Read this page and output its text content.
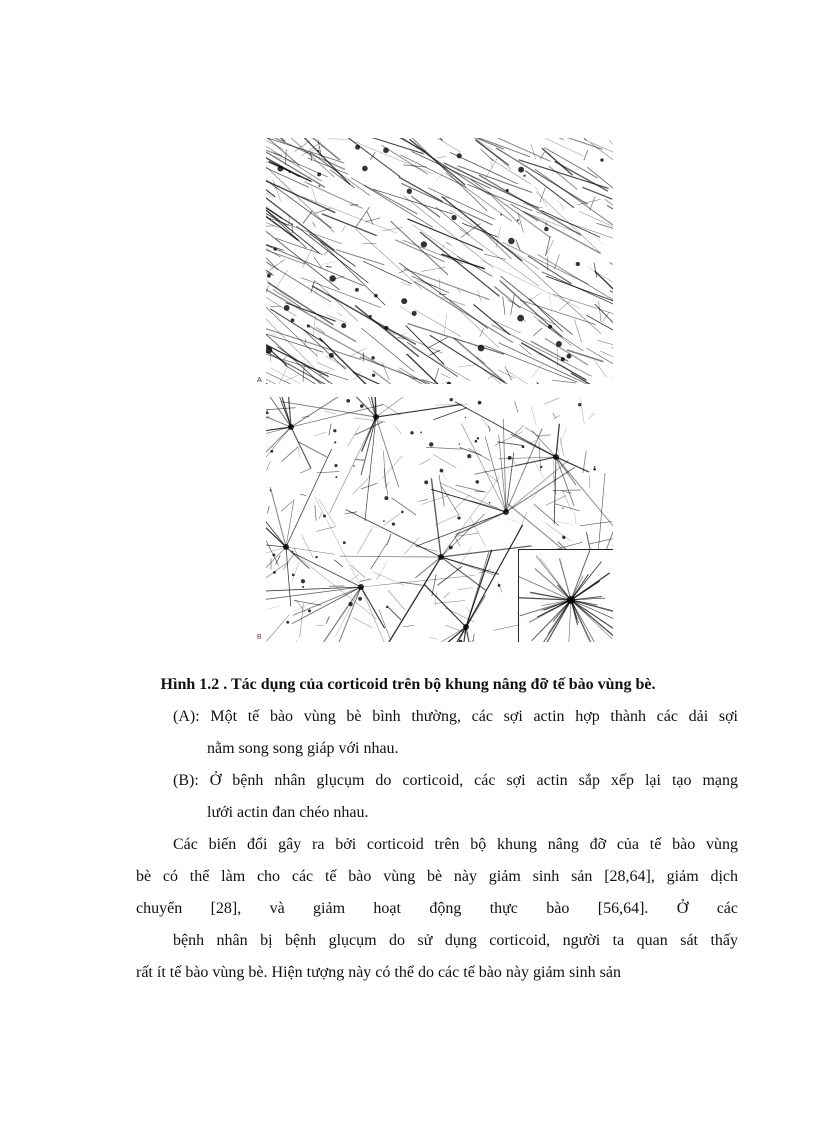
A
B
Hình 1.2 . Tác dụng của corticoid trên bộ khung nâng đỡ tế bào vùng bè.
(A): Một tế bào vùng bè bình thường, các sợi actin hợp thành các dải sợi
nằm song song giáp với nhau.
(B): Ở bệnh nhân glụcụm do corticoid, các sợi actin sắp xếp lại tạo mạng
lưới actin đan chéo nhau.
Các biến đổi gây ra bởi corticoid trên bộ khung nâng đỡ của tế bào vùng
bè có thể làm cho các tế bào vùng bè này giảm sinh sản [28,64], giảm dịch
chuyển [28], và giảm hoạt động thực bào [56,64]. Ở các
bệnh nhân bị bệnh glụcụm do sử dụng corticoid, người ta quan sát thấy
rất ít tế bào vùng bè. Hiện tượng này có thể do các tế bào này giảm sinh sản
